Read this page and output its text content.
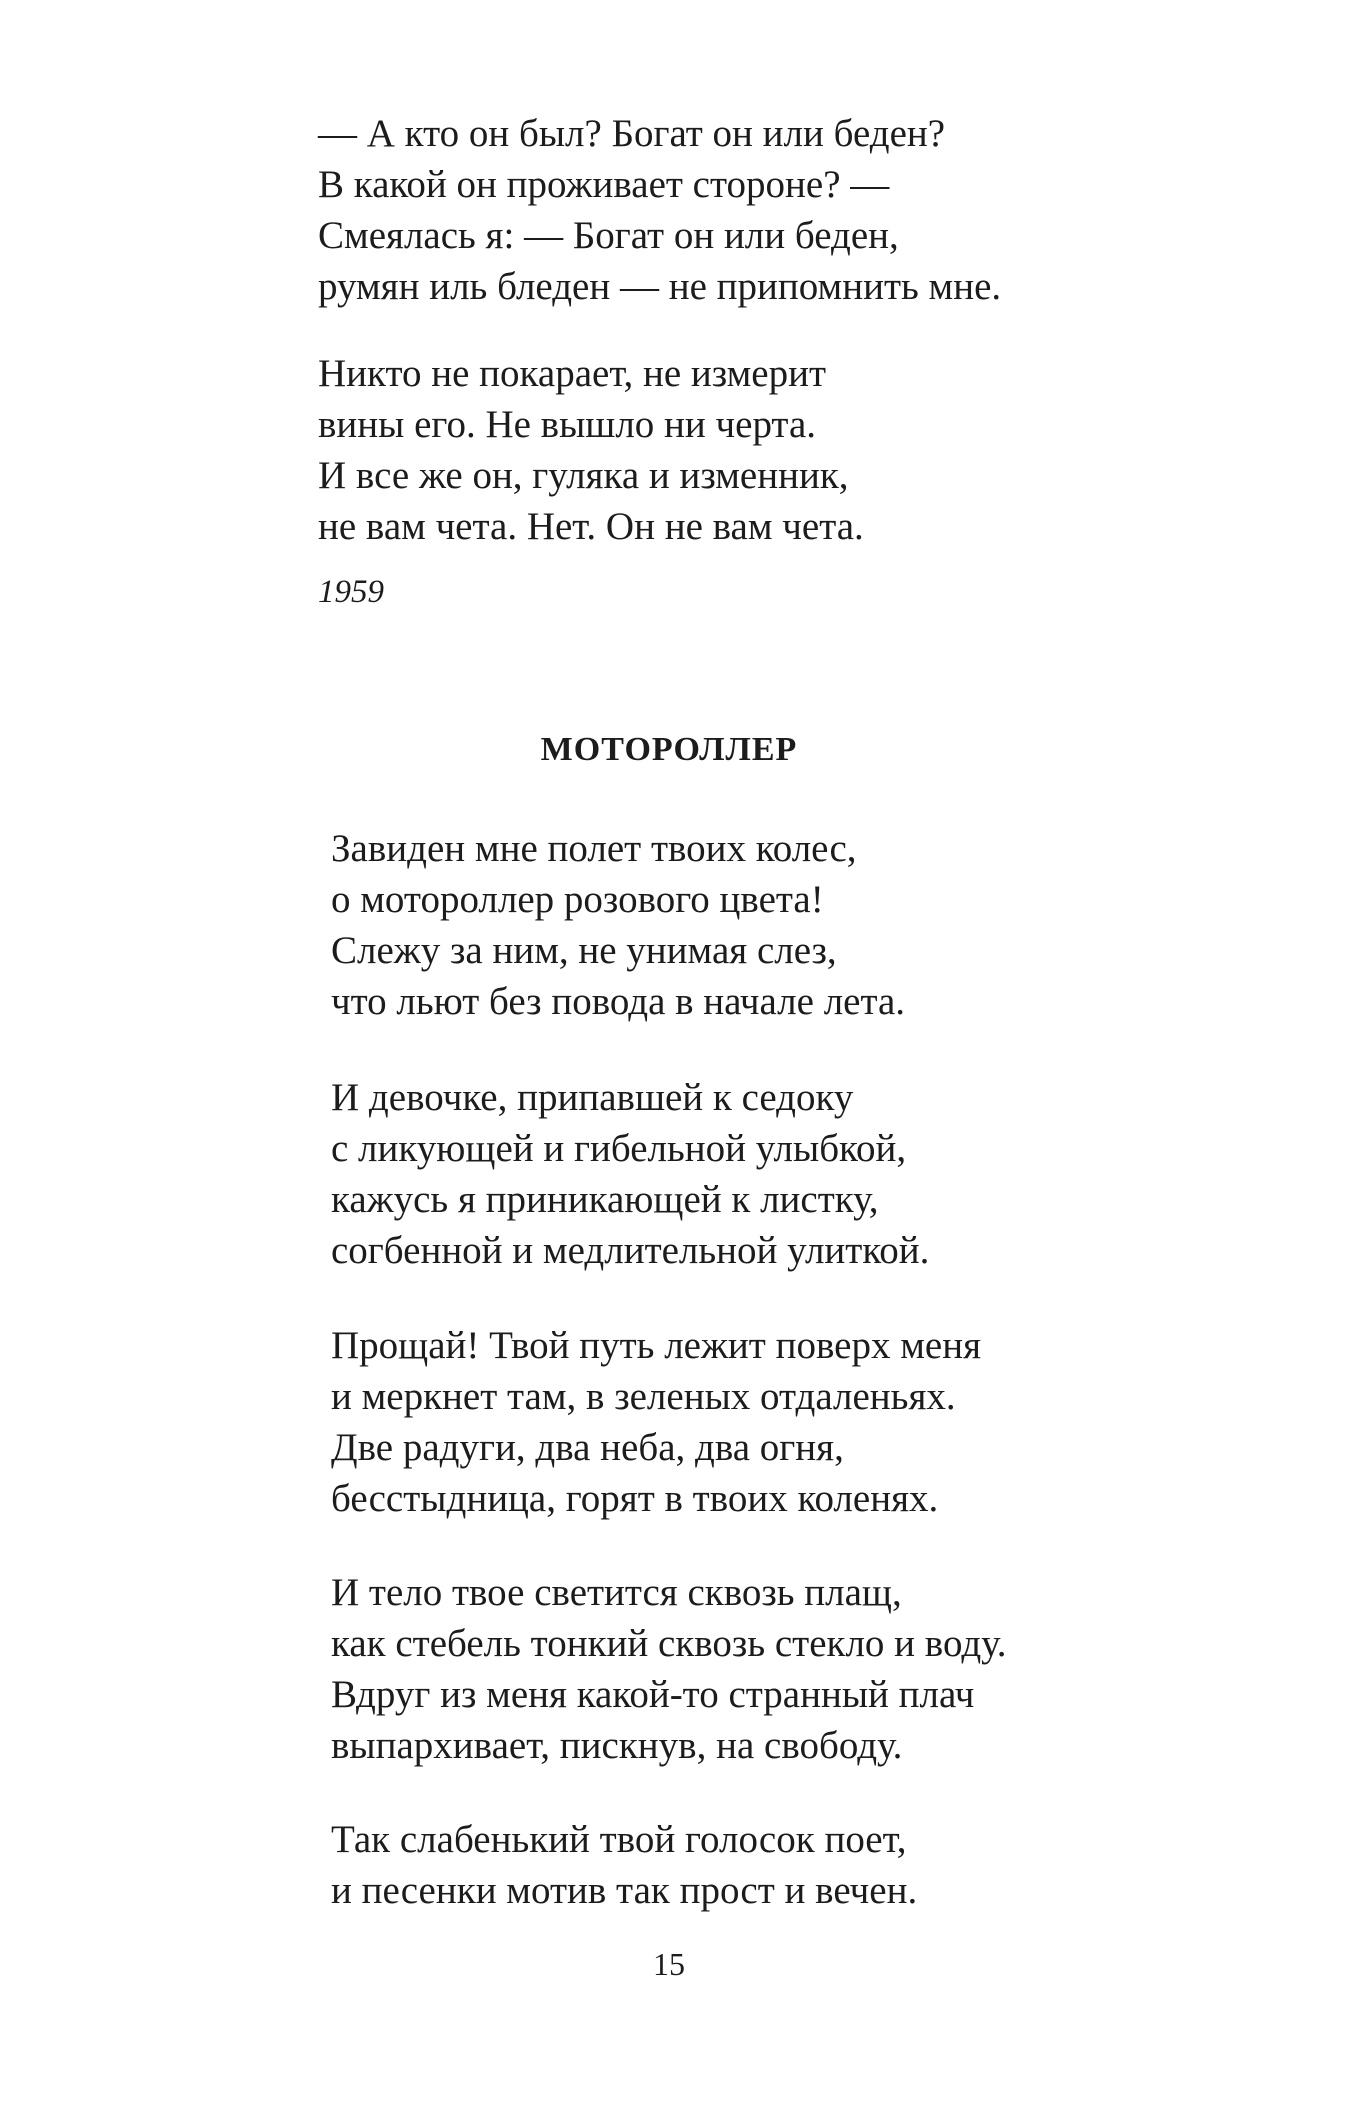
— А кто он был? Богат он или беден?
В какой он проживает стороне? —
Смеялась я: — Богат он или беден,
румян иль бледен — не припомнить мне.
Никто не покарает, не измерит
вины его. Не вышло ни черта.
И все же он, гуляка и изменник,
не вам чета. Нет. Он не вам чета.
1959
МОТОРОЛЛЕР
Завиден мне полет твоих колес,
о мотороллер розового цвета!
Слежу за ним, не унимая слез,
что льют без повода в начале лета.
И девочке, припавшей к седоку
с ликующей и гибельной улыбкой,
кажусь я приникающей к листку,
согбенной и медлительной улиткой.
Прощай! Твой путь лежит поверх меня
и меркнет там, в зеленых отдаленьях.
Две радуги, два неба, два огня,
бесстыдница, горят в твоих коленях.
И тело твое светится сквозь плащ,
как стебель тонкий сквозь стекло и воду.
Вдруг из меня какой-то странный плач
выпархивает, пискнув, на свободу.
Так слабенький твой голосок поет,
и песенки мотив так прост и вечен.
15
